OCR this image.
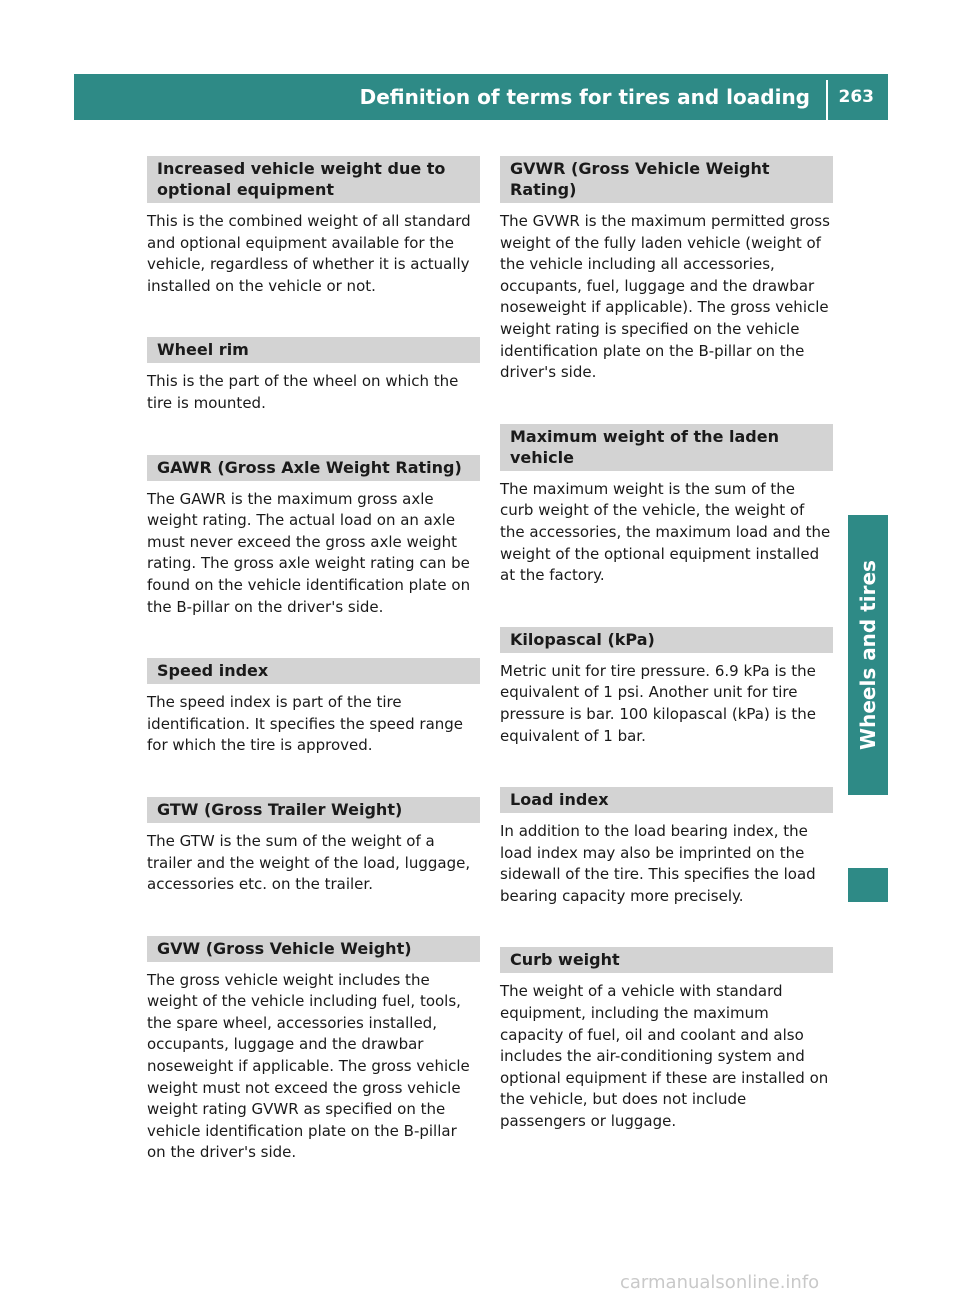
Definition of terms for tires and loading 263
Wheels and tires
Increased vehicle weight due to optional equipment

This is the combined weight of all standard and optional equipment available for the vehicle, regardless of whether it is actually installed on the vehicle or not.

Wheel rim

This is the part of the wheel on which the tire is mounted.

GAWR (Gross Axle Weight Rating)

The GAWR is the maximum gross axle weight rating. The actual load on an axle must never exceed the gross axle weight rating. The gross axle weight rating can be found on the vehicle identification plate on the B-pillar on the driver's side.

Speed index

The speed index is part of the tire identification. It specifies the speed range for which the tire is approved.

GTW (Gross Trailer Weight)

The GTW is the sum of the weight of a trailer and the weight of the load, luggage, accessories etc. on the trailer.

GVW (Gross Vehicle Weight)

The gross vehicle weight includes the weight of the vehicle including fuel, tools, the spare wheel, accessories installed, occupants, luggage and the drawbar noseweight if applicable. The gross vehicle weight must not exceed the gross vehicle weight rating GVWR as specified on the vehicle identification plate on the B-pillar on the driver's side.

GVWR (Gross Vehicle Weight Rating)

The GVWR is the maximum permitted gross weight of the fully laden vehicle (weight of the vehicle including all accessories, occupants, fuel, luggage and the drawbar noseweight if applicable). The gross vehicle weight rating is specified on the vehicle identification plate on the B-pillar on the driver's side.

Maximum weight of the laden vehicle

The maximum weight is the sum of the curb weight of the vehicle, the weight of the accessories, the maximum load and the weight of the optional equipment installed at the factory.

Kilopascal (kPa)

Metric unit for tire pressure. 6.9 kPa is the equivalent of 1 psi. Another unit for tire pressure is bar. 100 kilopascal (kPa) is the equivalent of 1 bar.

Load index

In addition to the load bearing index, the load index may also be imprinted on the sidewall of the tire. This specifies the load bearing capacity more precisely.

Curb weight

The weight of a vehicle with standard equipment, including the maximum capacity of fuel, oil and coolant and also includes the air-conditioning system and optional equipment if these are installed on the vehicle, but does not include passengers or luggage.

carmanualsonline.info
